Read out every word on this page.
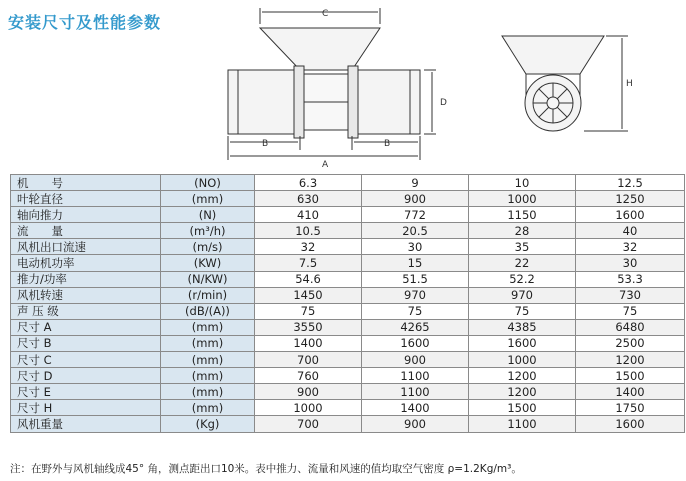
安装尺寸及性能参数	C
D
B	B
A
H
机　　号	(NO)	6.3	9	10	12.5
叶轮直径	(mm)	630	900	1000	1250
轴向推力	(N)	410	772	1150	1600
流　　量	(m³/h)	10.5	20.5	28	40
风机出口流速	(m/s)	32	30	35	32
电动机功率	(KW)	7.5	15	22	30
推力/功率	(N/KW)	54.6	51.5	52.2	53.3
风机转速	(r/min)	1450	970	970	730
声 压 级	(dB/(A))	75	75	75	75
尺寸 A	(mm)	3550	4265	4385	6480
尺寸 B	(mm)	1400	1600	1600	2500
尺寸 C	(mm)	700	900	1000	1200
尺寸 D	(mm)	760	1100	1200	1500
尺寸 E	(mm)	900	1100	1200	1400
尺寸 H	(mm)	1000	1400	1500	1750
风机重量	(Kg)	700	900	1100	1600
注：在野外与风机轴线成45° 角，测点距出口10米。表中推力、流量和风速的值均取空气密度 ρ=1.2Kg/m³。
